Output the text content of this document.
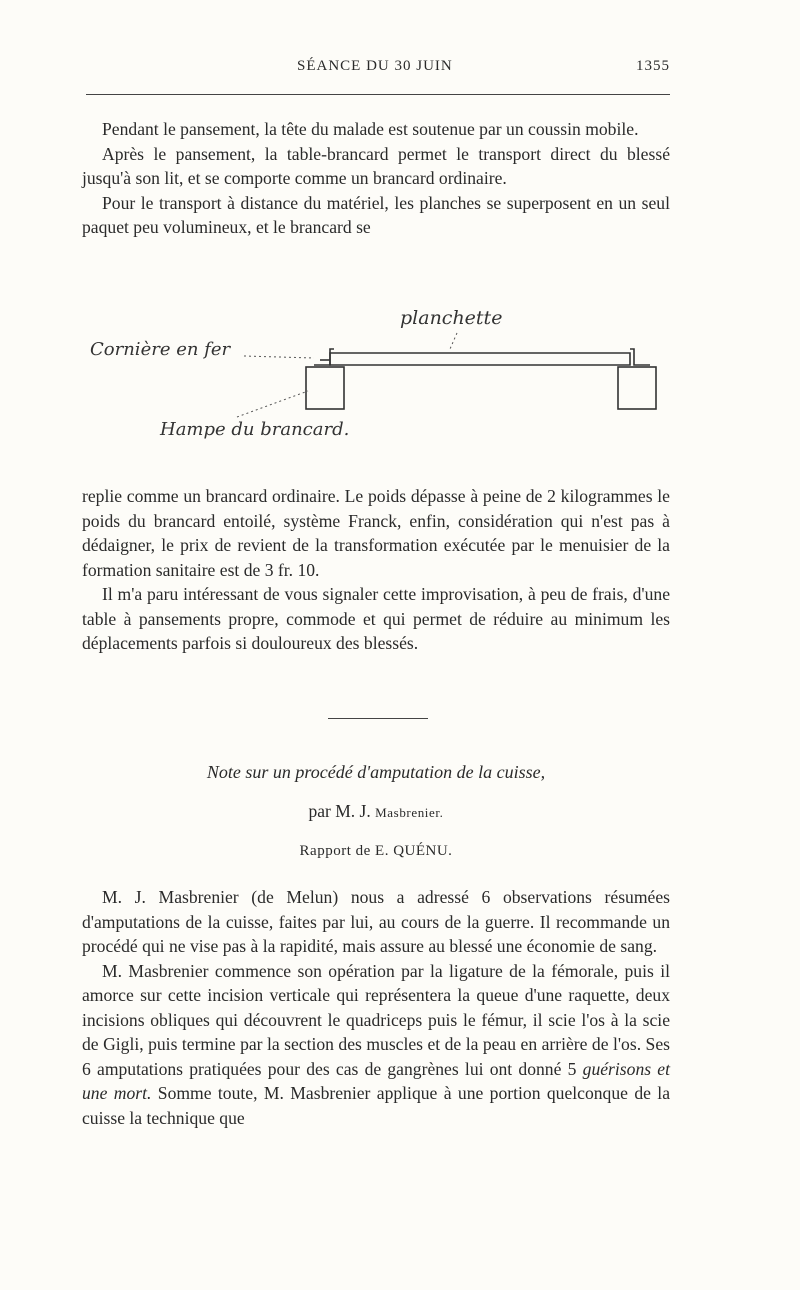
SÉANCE DU 30 JUIN	1355

Pendant le pansement, la tête du malade est soutenue par un coussin mobile.

Après le pansement, la table-brancard permet le transport direct du blessé jusqu'à son lit, et se comporte comme un brancard ordinaire.

Pour le transport à distance du matériel, les planches se superposent en un seul paquet peu volumineux, et le brancard se

planchette
Cornière en fer
Hampe du brancard.

replie comme un brancard ordinaire. Le poids dépasse à peine de 2 kilogrammes le poids du brancard entoilé, système Franck, enfin, considération qui n'est pas à dédaigner, le prix de revient de la transformation exécutée par le menuisier de la formation sanitaire est de 3 fr. 10.

Il m'a paru intéressant de vous signaler cette improvisation, à peu de frais, d'une table à pansements propre, commode et qui permet de réduire au minimum les déplacements parfois si douloureux des blessés.

Note sur un procédé d'amputation de la cuisse,
par M. J. Masbrenier.
Rapport de E. QUÉNU.

M. J. Masbrenier (de Melun) nous a adressé 6 observations résumées d'amputations de la cuisse, faites par lui, au cours de la guerre. Il recommande un procédé qui ne vise pas à la rapidité, mais assure au blessé une économie de sang.

M. Masbrenier commence son opération par la ligature de la fémorale, puis il amorce sur cette incision verticale qui représentera la queue d'une raquette, deux incisions obliques qui découvrent le quadriceps puis le fémur, il scie l'os à la scie de Gigli, puis termine par la section des muscles et de la peau en arrière de l'os. Ses 6 amputations pratiquées pour des cas de gangrènes lui ont donné 5 guérisons et une mort. Somme toute, M. Masbrenier applique à une portion quelconque de la cuisse la technique que
